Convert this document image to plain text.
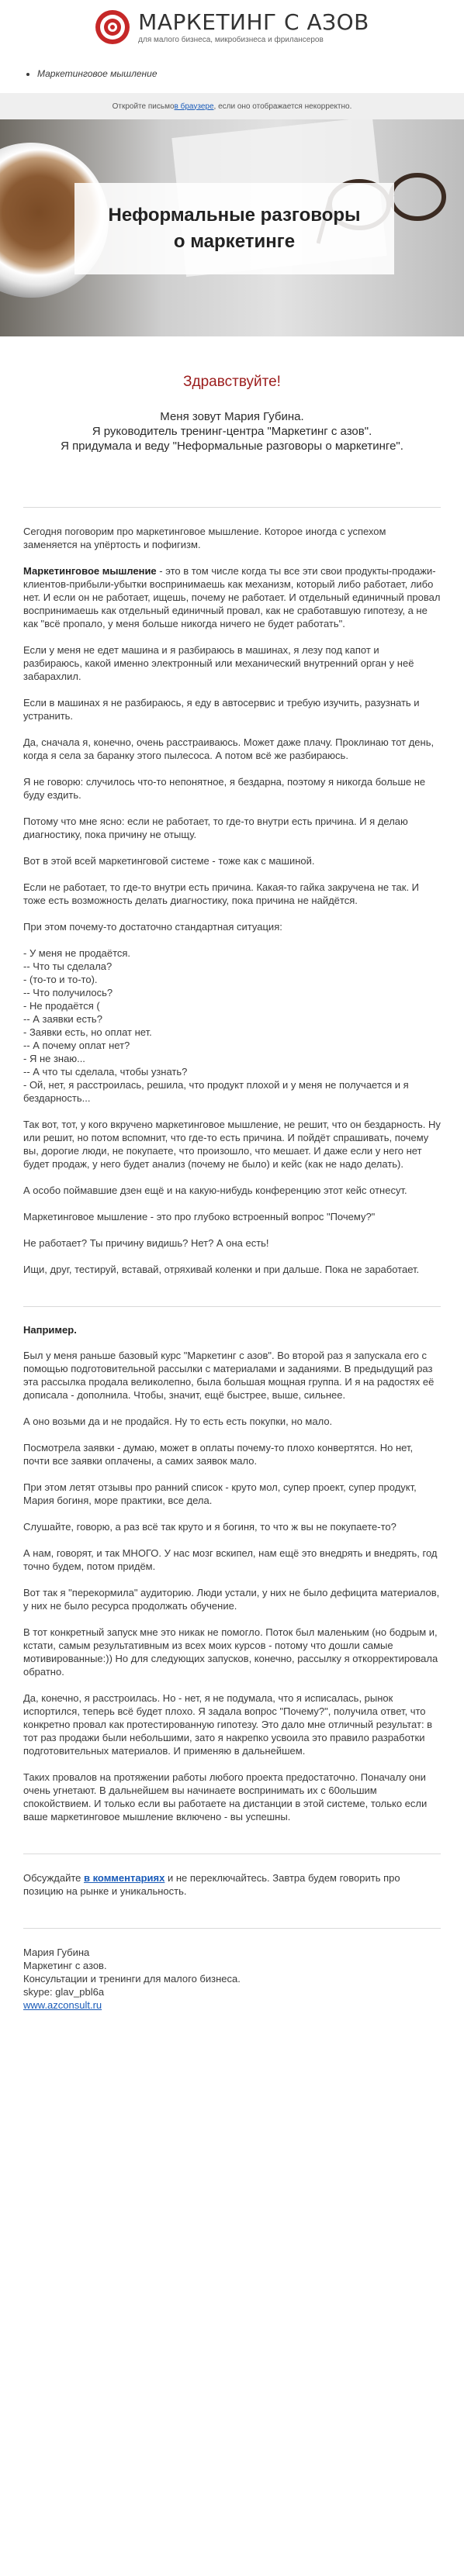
МАРКЕТИНГ С АЗОВ
для малого бизнеса, микробизнеса и фрилансеров
• Маркетинговое мышление
Откройте письмо в браузере , если оно отображается некорректно.
Неформальные разговоры
о маркетинге
Здравствуйте!
Меня зовут Мария Губина.
Я руководитель тренинг-центра "Маркетинг с азов".
Я придумала и веду "Неформальные разговоры о маркетинге".

Сегодня поговорим про маркетинговое мышление. Которое иногда с успехом заменяется на упёртость и пофигизм.

Маркетинговое мышление - это в том числе когда ты все эти свои продукты-продажи-клиентов-прибыли-убытки воспринимаешь как механизм, который либо работает, либо нет. И если он не работает, ищешь, почему не работает. И отдельный единичный провал воспринимаешь как отдельный единичный провал, как не сработавшую гипотезу, а не как "всё пропало, у меня больше никогда ничего не будет работать".

Если у меня не едет машина и я разбираюсь в машинах, я лезу под капот и разбираюсь, какой именно электронный или механический внутренний орган у неё забарахлил.

Если в машинах я не разбираюсь, я еду в автосервис и требую изучить, разузнать и устранить.

Да, сначала я, конечно, очень расстраиваюсь. Может даже плачу. Проклинаю тот день, когда я села за баранку этого пылесоса. А потом всё же разбираюсь.

Я не говорю: случилось что-то непонятное, я бездарна, поэтому я никогда больше не буду ездить.

Потому что мне ясно: если не работает, то где-то внутри есть причина. И я делаю диагностику, пока причину не отыщу.

Вот в этой всей маркетинговой системе - тоже как с машиной.

Если не работает, то где-то внутри есть причина. Какая-то гайка закручена не так. И тоже есть возможность делать диагностику, пока причина не найдётся.

При этом почему-то достаточно стандартная ситуация:

- У меня не продаётся.

-- Что ты сделала?

- (то-то и то-то).

-- Что получилось?

- Не продаётся (

-- А заявки есть?

- Заявки есть, но оплат нет.

-- А почему оплат нет?

- Я не знаю...

-- А что ты сделала, чтобы узнать?

- Ой, нет, я расстроилась, решила, что продукт плохой и у меня не получается и я бездарность...

Так вот, тот, у кого вкручено маркетинговое мышление, не решит, что он бездарность. Ну или решит, но потом вспомнит, что где-то есть причина. И пойдёт спрашивать, почему вы, дорогие люди, не покупаете, что произошло, что мешает. И даже если у него нет будет продаж, у него будет анализ (почему не было) и кейс (как не надо делать).

А особо поймавшие дзен ещё и на какую-нибудь конференцию этот кейс отнесут.

Маркетинговое мышление - это про глубоко встроенный вопрос "Почему?"

Не работает? Ты причину видишь? Нет? А она есть!

Ищи, друг, тестируй, вставай, отряхивай коленки и при дальше. Пока не заработает.

Например.

Был у меня раньше базовый курс "Маркетинг с азов". Во второй раз я запускала его с помощью подготовительной рассылки с материалами и заданиями. В предыдущий раз эта рассылка продала великолепно, была большая мощная группа. И я на радостях её дописала - дополнила. Чтобы, значит, ещё быстрее, выше, сильнее.

А оно возьми да и не продайся. Ну то есть есть покупки, но мало.

Посмотрела заявки - думаю, может в оплаты почему-то плохо конвертятся. Но нет, почти все заявки оплачены, а самих заявок мало.

При этом летят отзывы про ранний список - круто мол, супер проект, супер продукт, Мария богиня, море практики, все дела.

Слушайте, говорю, а раз всё так круто и я богиня, то что ж вы не покупаете-то?

А нам, говорят, и так МНОГО. У нас мозг вскипел, нам ещё это внедрять и внедрять, год точно будем, потом придём.

Вот так я "перекормила" аудиторию. Люди устали, у них не было дефицита материалов, у них не было ресурса продолжать обучение.

В тот конкретный запуск мне это никак не помогло. Поток был маленьким (но бодрым и, кстати, самым результативным из всех моих курсов - потому что дошли самые мотивированные:)) Но для следующих запусков, конечно, рассылку я откорректировала обратно.

Да, конечно, я расстроилась. Но - нет, я не подумала, что я исписалась, рынок испортился, теперь всё будет плохо. Я задала вопрос "Почему?", получила ответ, что конкретно провал как протестированную гипотезу. Это дало мне отличный результат: в тот раз продажи были небольшими, зато я накрепко усвоила это правило разработки подготовительных материалов. И применяю в дальнейшем.

Таких провалов на протяжении работы любого проекта предостаточно. Поначалу они очень угнетают. В дальнейшем вы начинаете воспринимать их с 60ольшим спокойствием. И только если вы работаете на дистанции в этой системе, только если ваше маркетинговое мышление включено - вы успешны.

Обсуждайте в комментариях и не переключайтесь. Завтра будем говорить про позицию на рынке и уникальность.

Мария Губина

Маркетинг с азов.

Консультации и тренинги для малого бизнеса.

skype: glav_pbl6a

www.azconsult.ru
